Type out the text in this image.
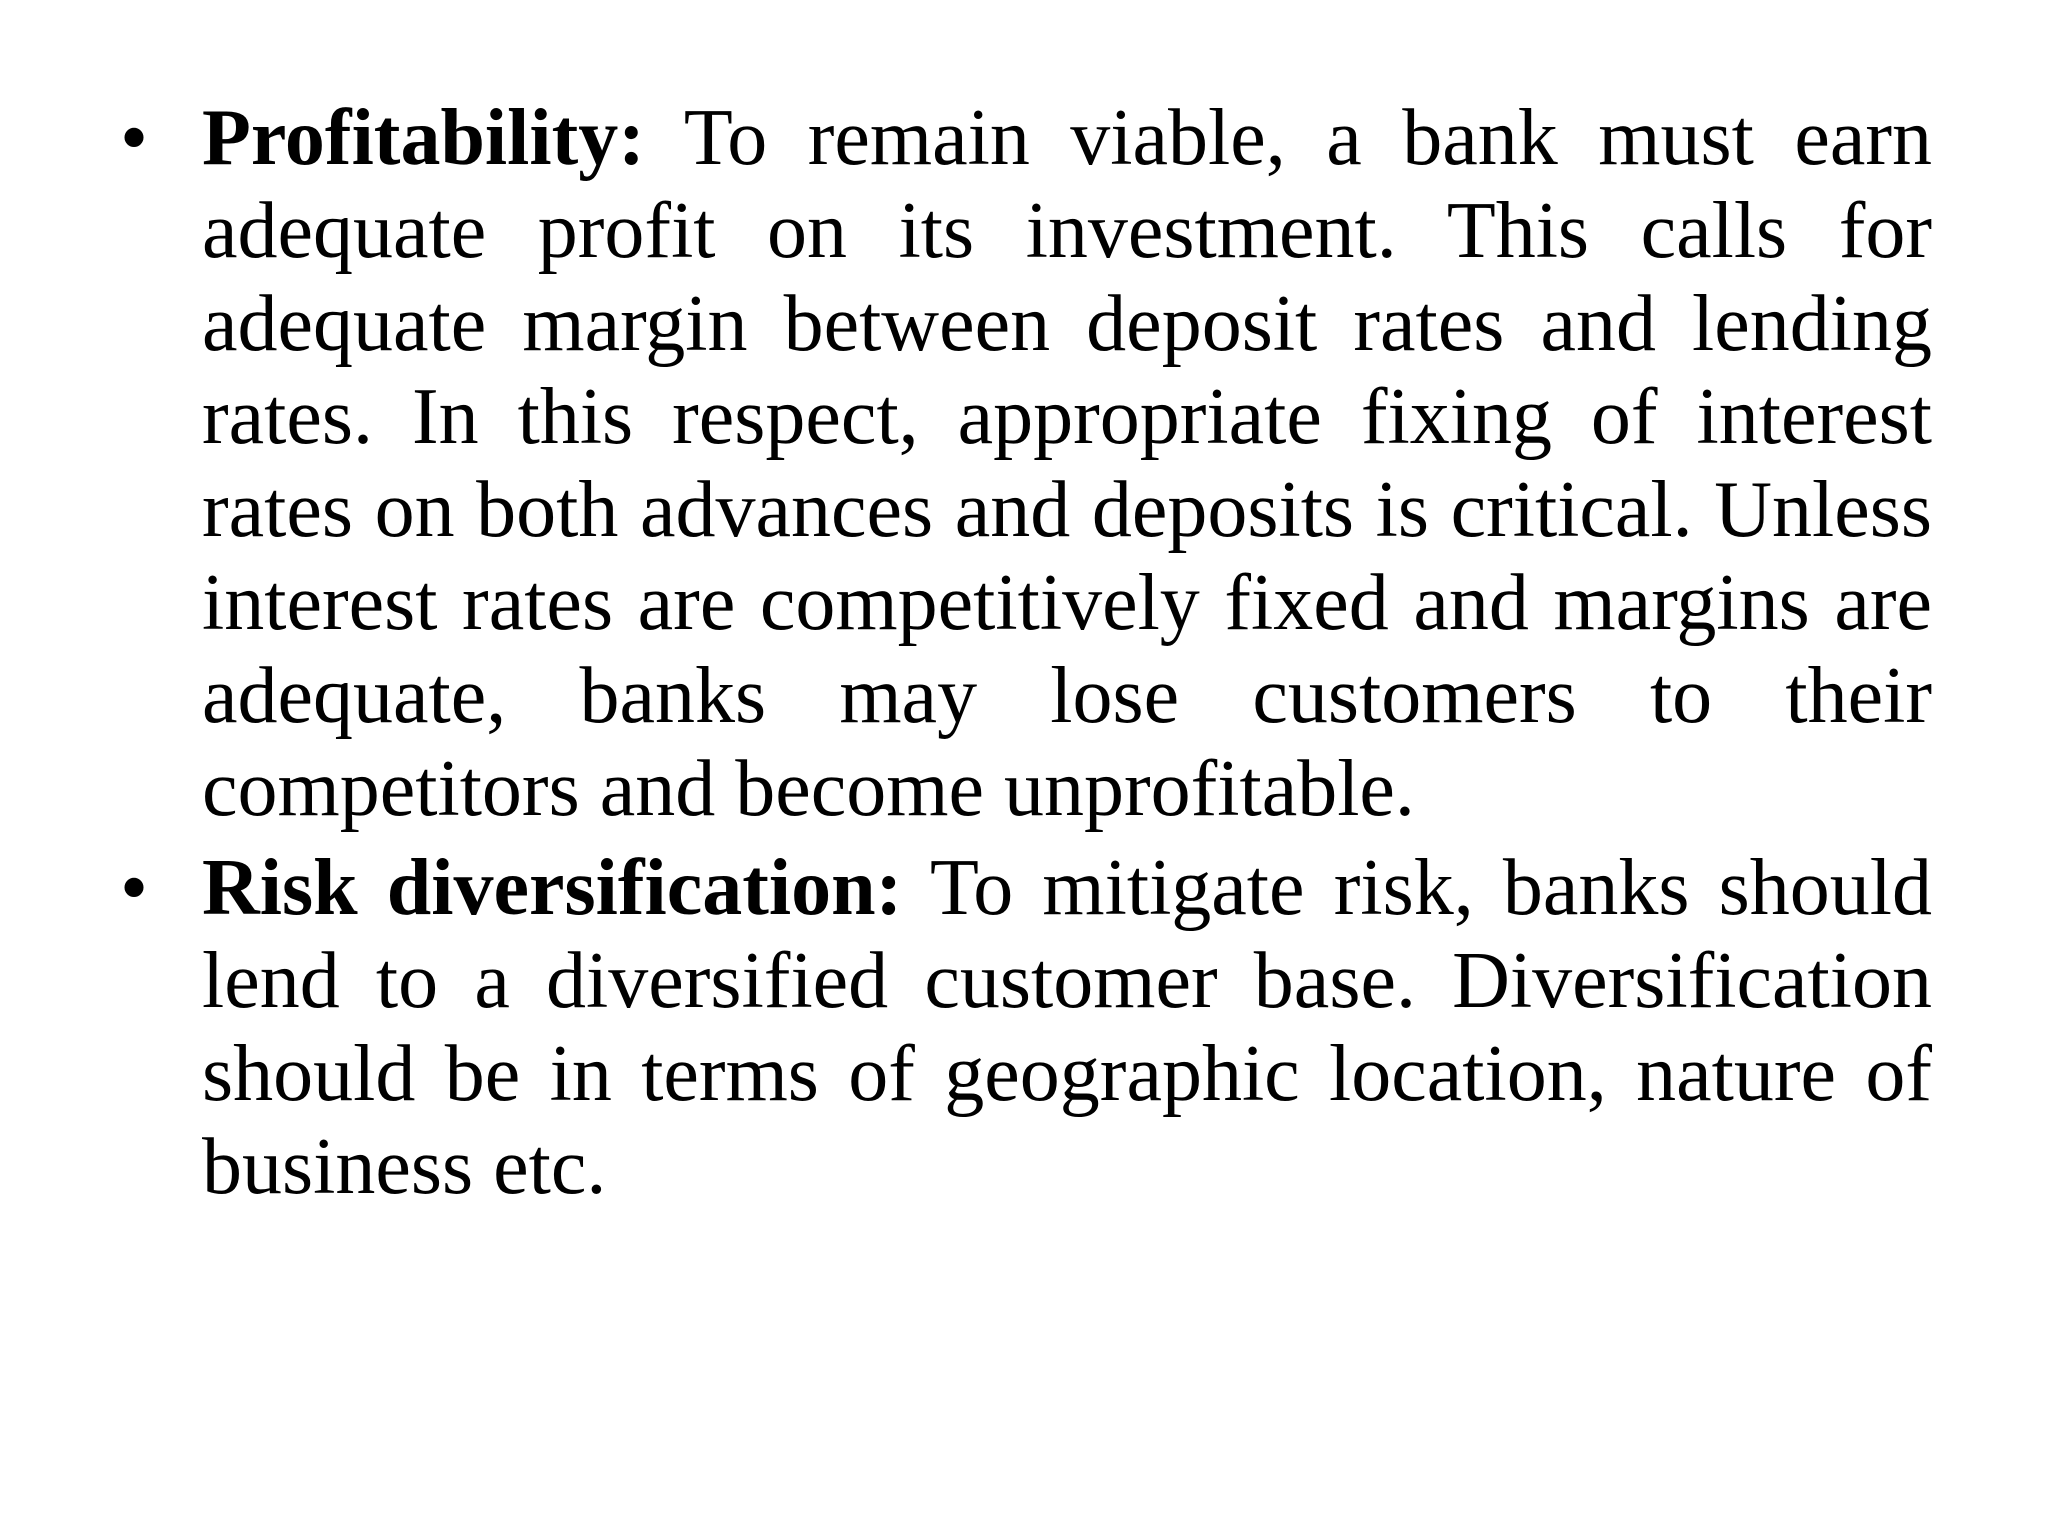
• Profitability: To remain viable, a bank must earn adequate profit on its investment. This calls for adequate margin between deposit rates and lending rates. In this respect, appropriate fixing of interest rates on both advances and deposits is critical. Unless interest rates are competitively fixed and margins are adequate, banks may lose customers to their competitors and become unprofitable.
• Risk diversification: To mitigate risk, banks should lend to a diversified customer base. Diversification should be in terms of geographic location, nature of business etc.
